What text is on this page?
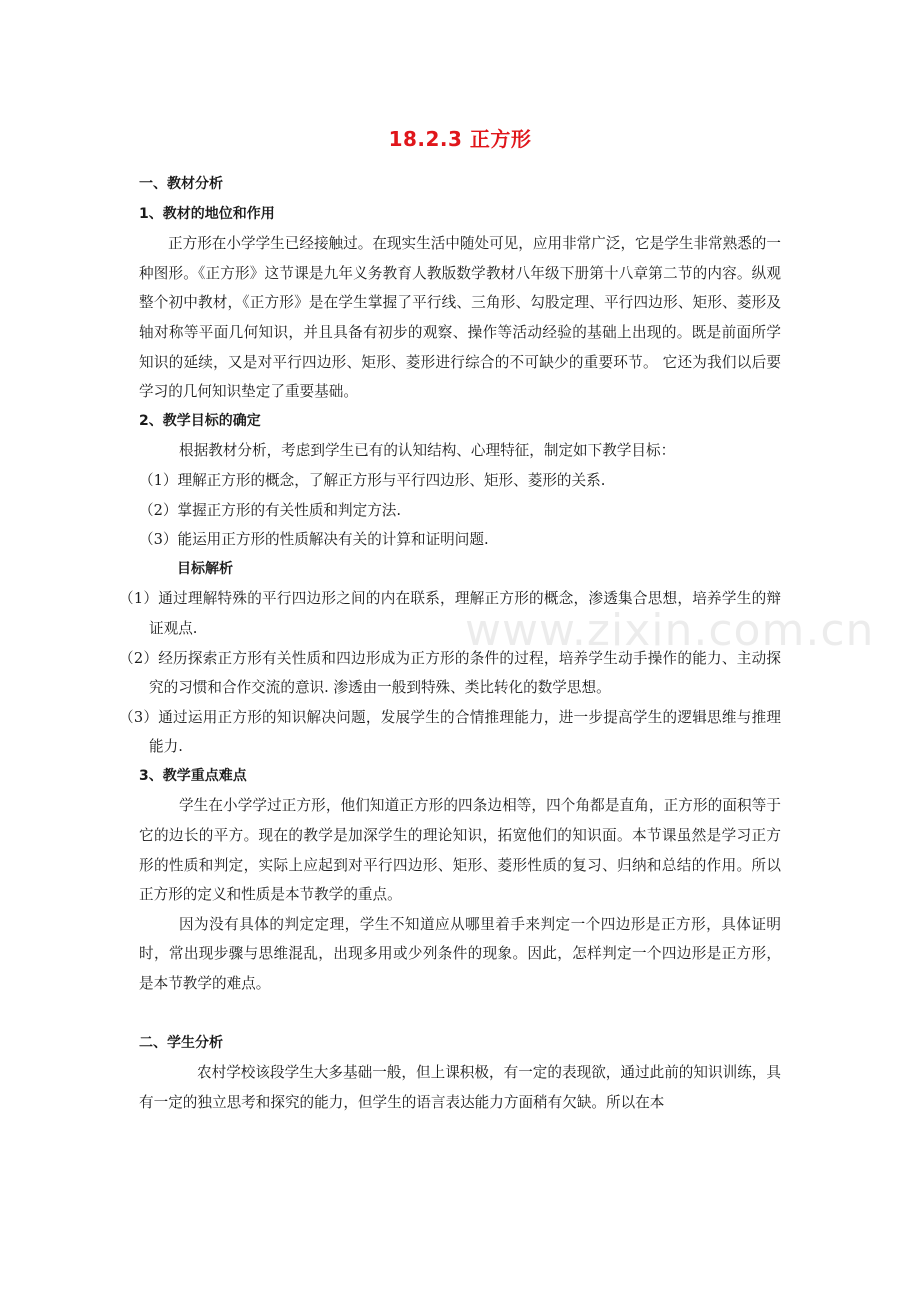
18.2.3 正方形
www.zixin.com.cn
一、教材分析
1、教材的地位和作用

正方形在小学学生已经接触过。在现实生活中随处可见，应用非常广泛，它是学生非常熟悉的一种图形。《正方形》这节课是九年义务教育人教版数学教材八年级下册第十八章第二节的内容。纵观整个初中教材，《正方形》是在学生掌握了平行线、三角形、勾股定理、平行四边形、矩形、菱形及轴对称等平面几何知识，并且具备有初步的观察、操作等活动经验的基础上出现的。既是前面所学知识的延续，又是对平行四边形、矩形、菱形进行综合的不可缺少的重要环节。 它还为我们以后要学习的几何知识垫定了重要基础。

2、教学目标的确定

根据教材分析，考虑到学生已有的认知结构、心理特征，制定如下教学目标：

（1）理解正方形的概念，了解正方形与平行四边形、矩形、菱形的关系.

（2）掌握正方形的有关性质和判定方法.

（3）能运用正方形的性质解决有关的计算和证明问题.

目标解析

（1）通过理解特殊的平行四边形之间的内在联系，理解正方形的概念，渗透集合思想，培养学生的辩证观点.

（2）经历探索正方形有关性质和四边形成为正方形的条件的过程，培养学生动手操作的能力、主动探究的习惯和合作交流的意识. 渗透由一般到特殊、类比转化的数学思想。

（3）通过运用正方形的知识解决问题，发展学生的合情推理能力，进一步提高学生的逻辑思维与推理能力.

3、教学重点难点

学生在小学学过正方形，他们知道正方形的四条边相等，四个角都是直角，正方形的面积等于它的边长的平方。现在的教学是加深学生的理论知识，拓宽他们的知识面。本节课虽然是学习正方形的性质和判定，实际上应起到对平行四边形、矩形、菱形性质的复习、归纳和总结的作用。所以正方形的定义和性质是本节教学的重点。

因为没有具体的判定定理，学生不知道应从哪里着手来判定一个四边形是正方形，具体证明时，常出现步骤与思维混乱，出现多用或少列条件的现象。因此，怎样判定一个四边形是正方形，是本节教学的难点。

二、学生分析

农村学校该段学生大多基础一般，但上课积极，有一定的表现欲，通过此前的知识训练，具有一定的独立思考和探究的能力，但学生的语言表达能力方面稍有欠缺。所以在本
